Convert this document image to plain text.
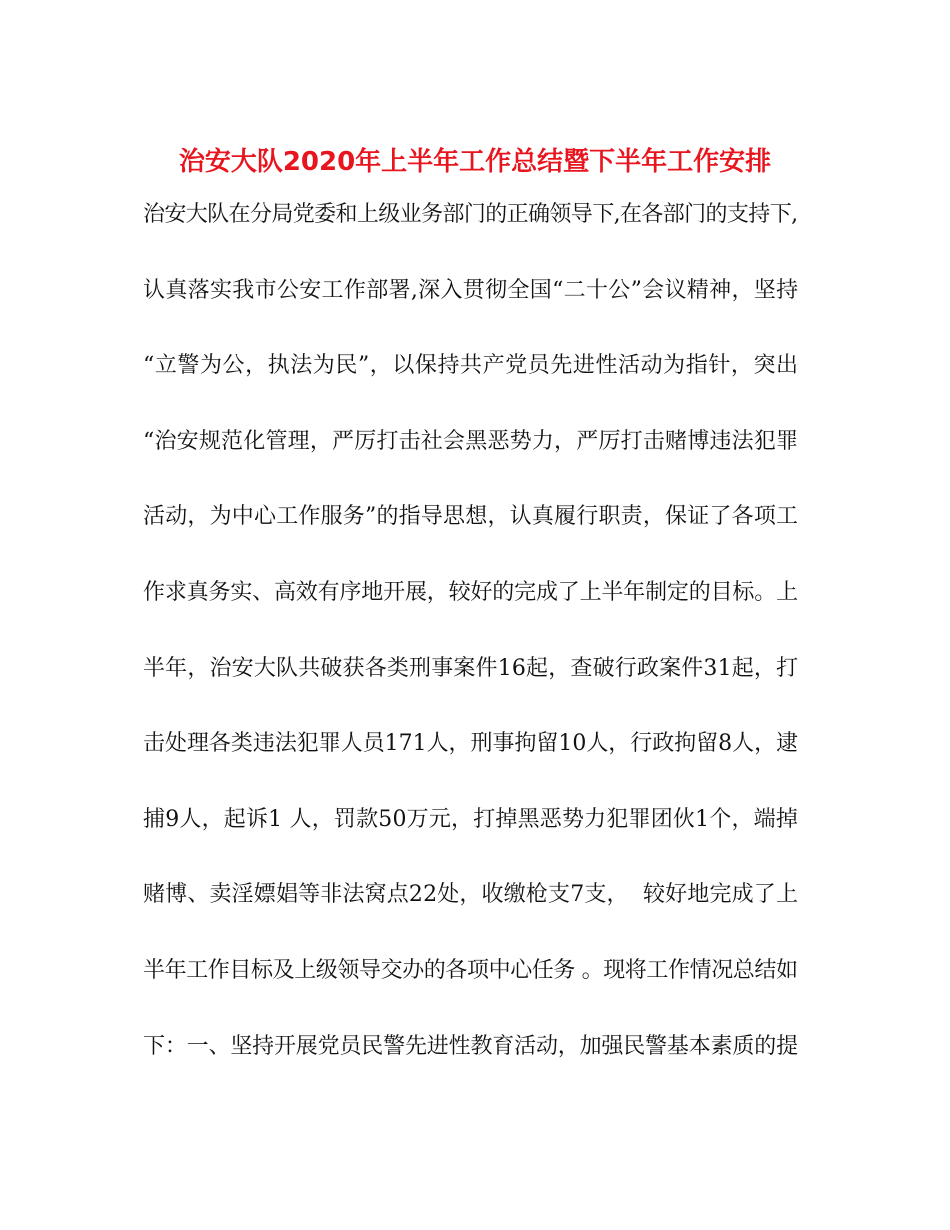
治安大队2020年上半年工作总结暨下半年工作安排
治安大队在分局党委和上级业务部门的正确领导下,在各部门的支持下,
认真落实我市公安工作部署,深入贯彻全国“二十公”会议精神，坚持
“立警为公，执法为民”，以保持共产党员先进性活动为指针，突出
“治安规范化管理，严厉打击社会黑恶势力，严厉打击赌博违法犯罪
活动，为中心工作服务”的指导思想，认真履行职责，保证了各项工
作求真务实、高效有序地开展，较好的完成了上半年制定的目标。上
半年，治安大队共破获各类刑事案件16起，查破行政案件31起，打
击处理各类违法犯罪人员171人，刑事拘留10人，行政拘留8人，逮
捕9人，起诉1 人，罚款50万元，打掉黑恶势力犯罪团伙1个，端掉
赌博、卖淫嫖娼等非法窝点22处，收缴枪支7支，  较好地完成了上
半年工作目标及上级领导交办的各项中心任务 。现将工作情况总结如
下：一、坚持开展党员民警先进性教育活动，加强民警基本素质的提
